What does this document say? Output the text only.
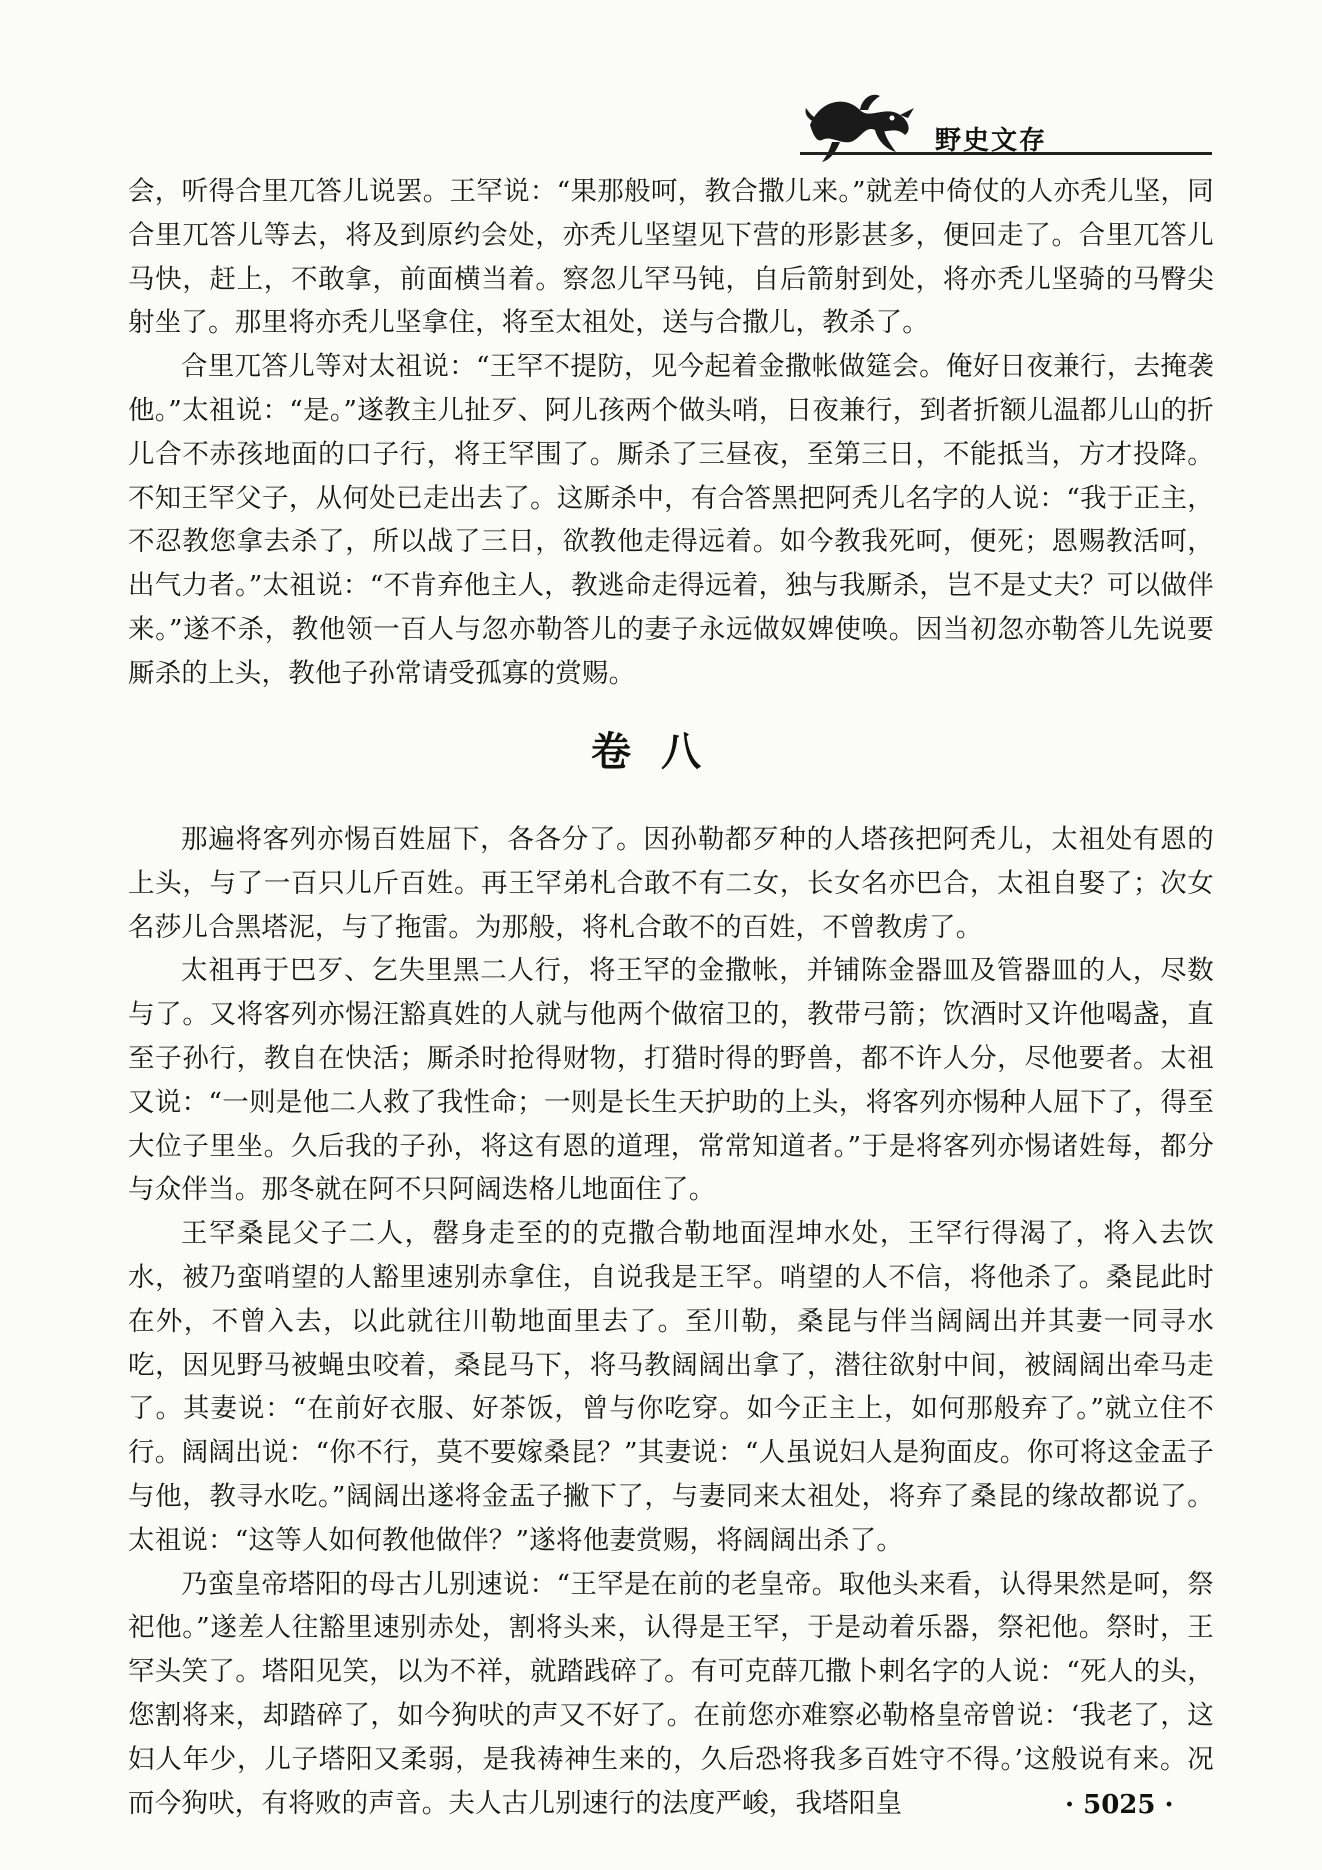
野史文存

会，听得合里兀答儿说罢。王罕说：“果那般呵，教合撒儿来。”就差中倚仗的人亦秃儿坚，同合里兀答儿等去，将及到原约会处，亦秃儿坚望见下营的形影甚多，便回走了。合里兀答儿马快，赶上，不敢拿，前面横当着。察忽儿罕马钝，自后箭射到处，将亦秃儿坚骑的马臀尖射坐了。那里将亦秃儿坚拿住，将至太祖处，送与合撒儿，教杀了。

合里兀答儿等对太祖说：“王罕不提防，见今起着金撒帐做筵会。俺好日夜兼行，去掩袭他。”太祖说：“是。”遂教主儿扯歹、阿儿孩两个做头哨，日夜兼行，到者折额儿温都儿山的折儿合不赤孩地面的口子行，将王罕围了。厮杀了三昼夜，至第三日，不能抵当，方才投降。不知王罕父子，从何处已走出去了。这厮杀中，有合答黑把阿秃儿名字的人说：“我于正主，不忍教您拿去杀了，所以战了三日，欲教他走得远着。如今教我死呵，便死；恩赐教活呵，出气力者。”太祖说：“不肯弃他主人，教逃命走得远着，独与我厮杀，岂不是丈夫？可以做伴来。”遂不杀，教他领一百人与忽亦勒答儿的妻子永远做奴婢使唤。因当初忽亦勒答儿先说要厮杀的上头，教他子孙常请受孤寡的赏赐。

卷八

那遍将客列亦惕百姓屈下，各各分了。因孙勒都歹种的人塔孩把阿秃儿，太祖处有恩的上头，与了一百只儿斤百姓。再王罕弟札合敢不有二女，长女名亦巴合，太祖自娶了；次女名莎儿合黑塔泥，与了拖雷。为那般，将札合敢不的百姓，不曾教虏了。

太祖再于巴歹、乞失里黑二人行，将王罕的金撒帐，并铺陈金器皿及管器皿的人，尽数与了。又将客列亦惕汪豁真姓的人就与他两个做宿卫的，教带弓箭；饮酒时又许他喝盏，直至子孙行，教自在快活；厮杀时抢得财物，打猎时得的野兽，都不许人分，尽他要者。太祖又说：“一则是他二人救了我性命；一则是长生天护助的上头，将客列亦惕种人屈下了，得至大位子里坐。久后我的子孙，将这有恩的道理，常常知道者。”于是将客列亦惕诸姓每，都分与众伴当。那冬就在阿不只阿阔迭格儿地面住了。

王罕桑昆父子二人，罄身走至的的克撒合勒地面涅坤水处，王罕行得渴了，将入去饮水，被乃蛮哨望的人豁里速别赤拿住，自说我是王罕。哨望的人不信，将他杀了。桑昆此时在外，不曾入去，以此就往川勒地面里去了。至川勒，桑昆与伴当阔阔出并其妻一同寻水吃，因见野马被蝇虫咬着，桑昆马下，将马教阔阔出拿了，潜往欲射中间，被阔阔出牵马走了。其妻说：“在前好衣服、好茶饭，曾与你吃穿。如今正主上，如何那般弃了。”就立住不行。阔阔出说：“你不行，莫不要嫁桑昆？”其妻说：“人虽说妇人是狗面皮。你可将这金盂子与他，教寻水吃。”阔阔出遂将金盂子撇下了，与妻同来太祖处，将弃了桑昆的缘故都说了。太祖说：“这等人如何教他做伴？”遂将他妻赏赐，将阔阔出杀了。

乃蛮皇帝塔阳的母古儿别速说：“王罕是在前的老皇帝。取他头来看，认得果然是呵，祭祀他。”遂差人往豁里速别赤处，割将头来，认得是王罕，于是动着乐器，祭祀他。祭时，王罕头笑了。塔阳见笑，以为不祥，就踏践碎了。有可克薛兀撒卜剌名字的人说：“死人的头，您割将来，却踏碎了，如今狗吠的声又不好了。在前您亦难察必勒格皇帝曾说：‘我老了，这妇人年少，儿子塔阳又柔弱，是我祷神生来的，久后恐将我多百姓守不得。’这般说有来。况而今狗吠，有将败的声音。夫人古儿别速行的法度严峻，我塔阳皇	· 5025 ·
